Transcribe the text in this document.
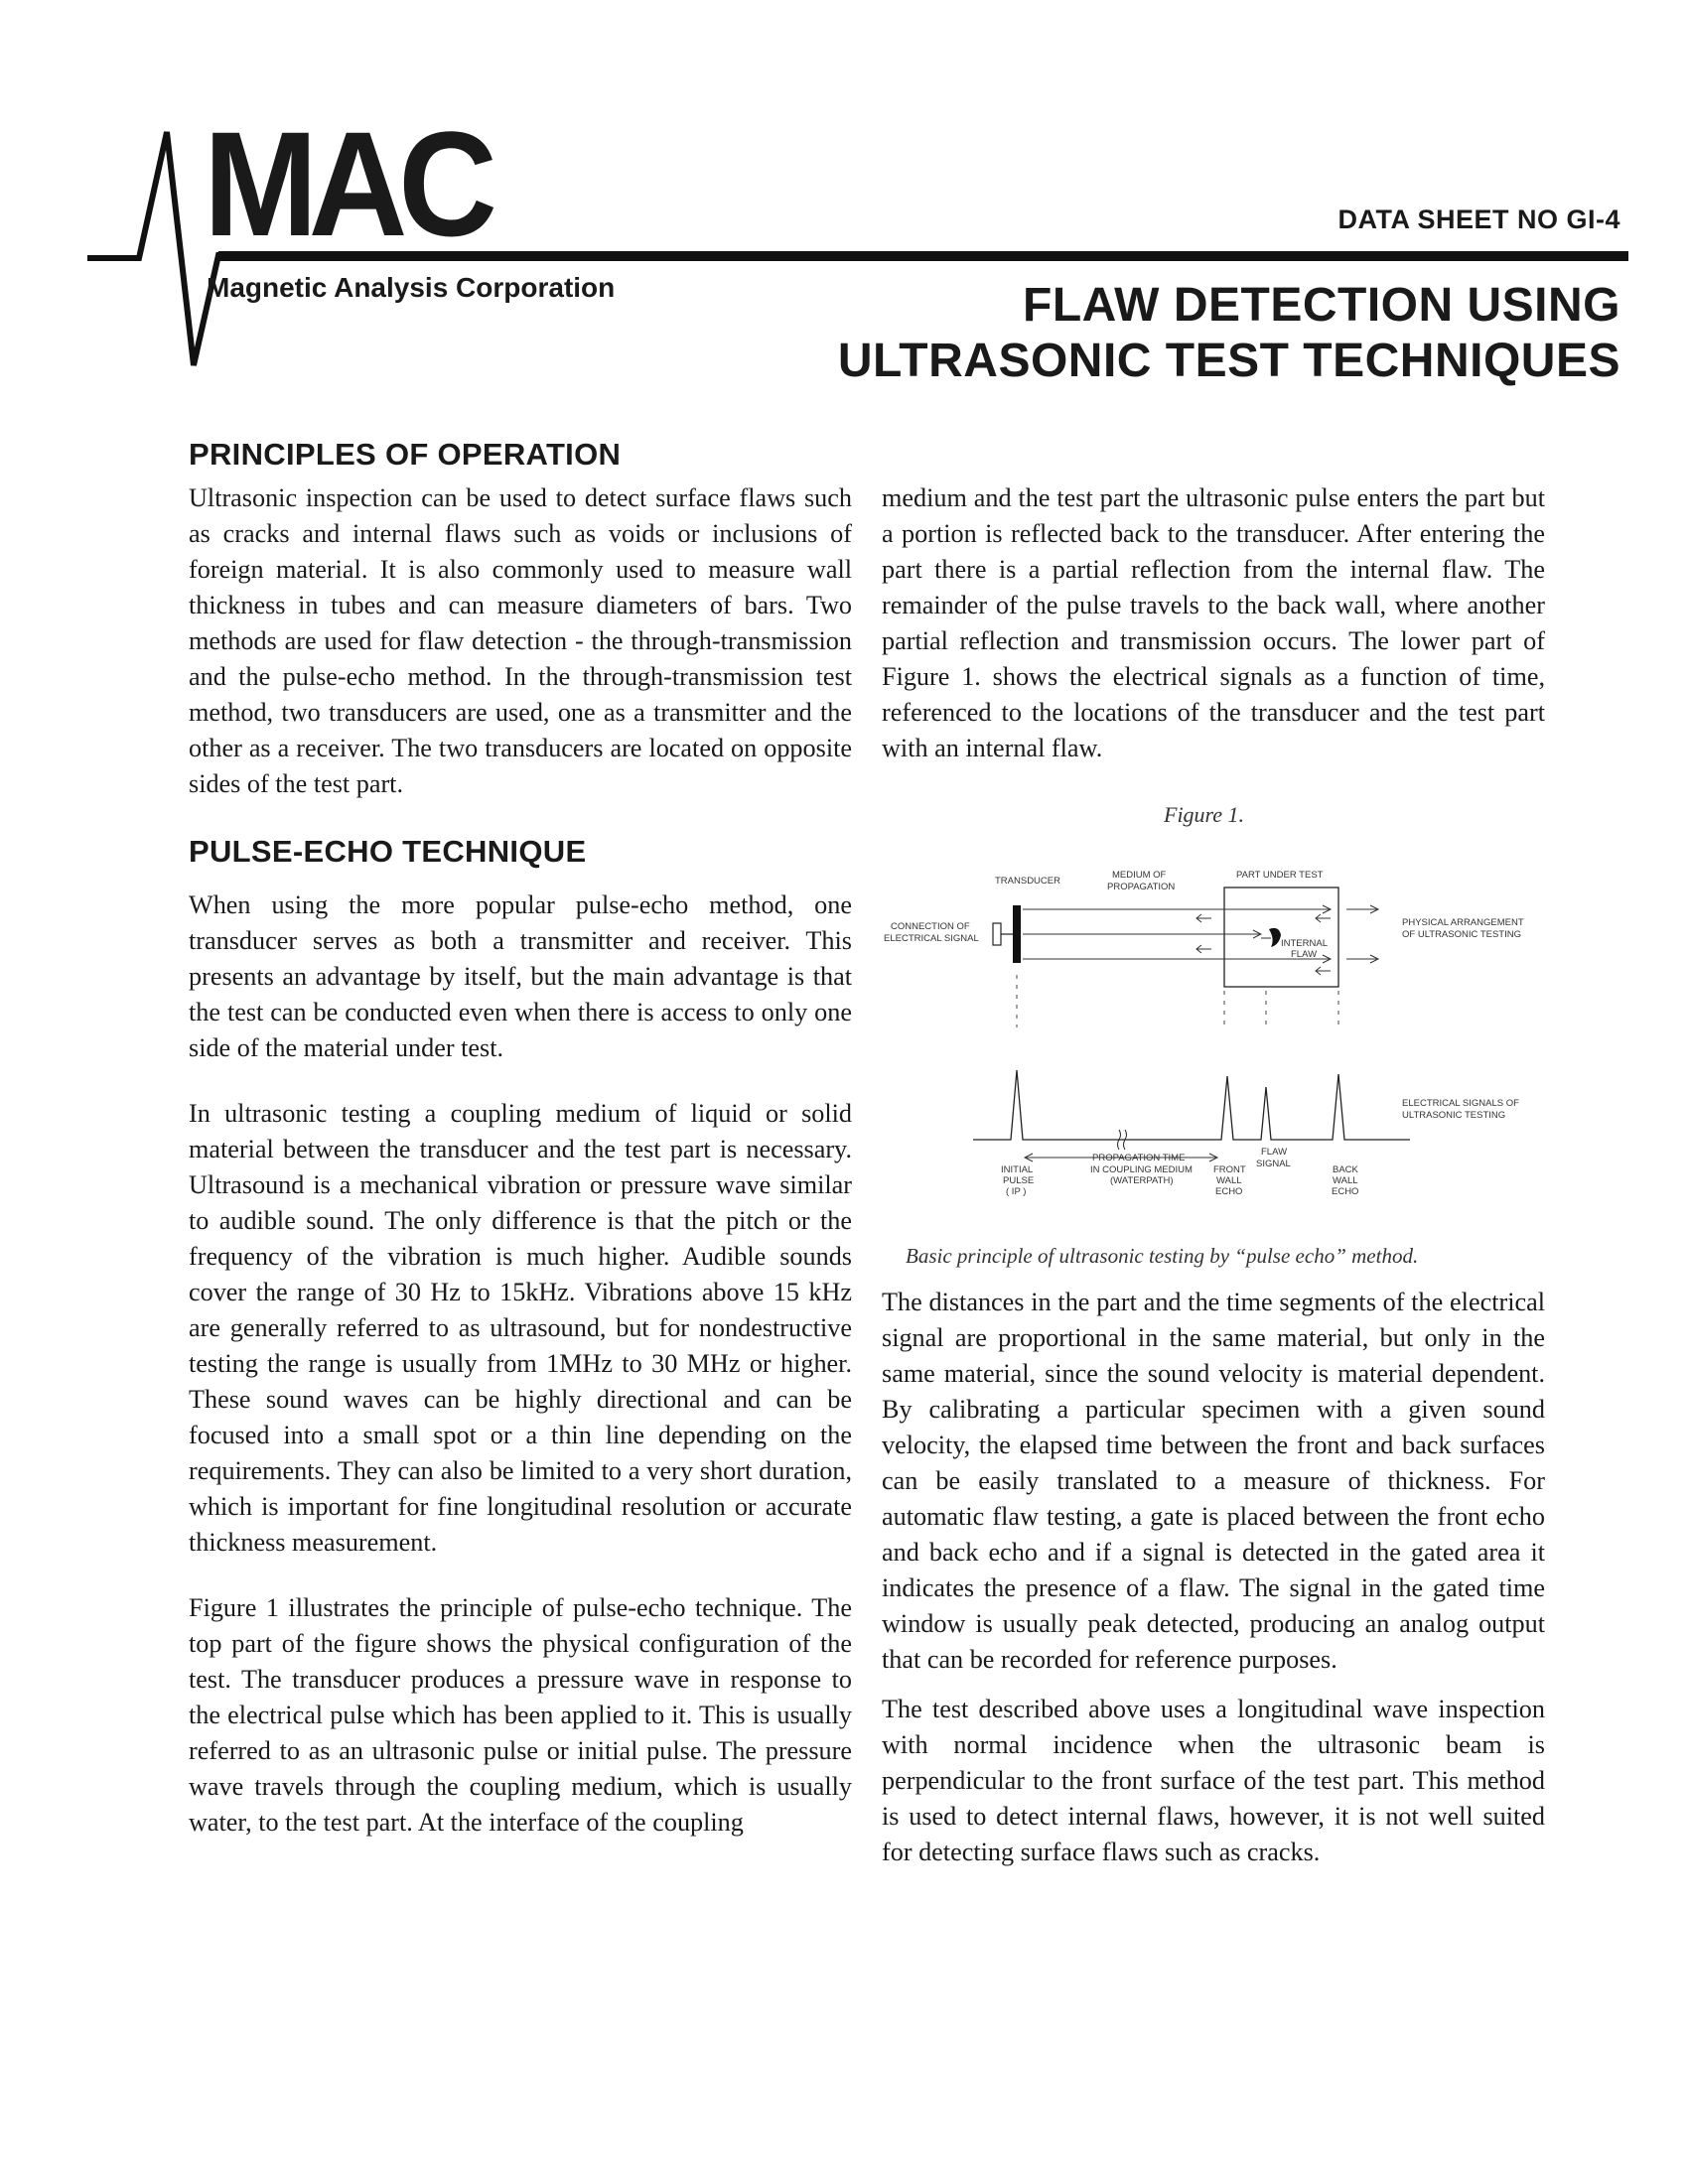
MAC
Magnetic Analysis Corporation
DATA SHEET NO GI-4
FLAW DETECTION USING
ULTRASONIC TEST TECHNIQUES
PRINCIPLES OF OPERATION

Ultrasonic inspection can be used to detect surface flaws such as cracks and internal flaws such as voids or inclusions of foreign material. It is also commonly used to measure wall thickness in tubes and can measure diameters of bars. Two methods are used for flaw detection - the through-transmission and the pulse-echo method. In the through-transmission test method, two transducers are used, one as a transmitter and the other as a receiver. The two transducers are located on opposite sides of the test part.

PULSE-ECHO TECHNIQUE

When using the more popular pulse-echo method, one transducer serves as both a transmitter and receiver. This presents an advantage by itself, but the main advantage is that the test can be conducted even when there is access to only one side of the material under test.

In ultrasonic testing a coupling medium of liquid or solid material between the transducer and the test part is necessary. Ultrasound is a mechanical vibration or pressure wave similar to audible sound. The only difference is that the pitch or the frequency of the vibration is much higher. Audible sounds cover the range of 30 Hz to 15kHz. Vibrations above 15 kHz are generally referred to as ultrasound, but for nondestructive testing the range is usually from 1MHz to 30 MHz or higher. These sound waves can be highly directional and can be focused into a small spot or a thin line depending on the requirements. They can also be limited to a very short duration, which is important for fine longitudinal resolution or accurate thickness measurement.

Figure 1 illustrates the principle of pulse-echo technique. The top part of the figure shows the physical configuration of the test. The transducer produces a pressure wave in response to the electrical pulse which has been applied to it. This is usually referred to as an ultrasonic pulse or initial pulse. The pressure wave travels through the coupling medium, which is usually water, to the test part. At the interface of the coupling

medium and the test part the ultrasonic pulse enters the part but a portion is reflected back to the transducer. After entering the part there is a partial reflection from the internal flaw. The remainder of the pulse travels to the back wall, where another partial reflection and transmission occurs. The lower part of Figure 1. shows the electrical signals as a function of time, referenced to the locations of the transducer and the test part with an internal flaw.

Figure 1.
TRANSDUCER
MEDIUM OF
PROPAGATION
PART UNDER TEST
CONNECTION OF
ELECTRICAL SIGNAL
PHYSICAL ARRANGEMENT
OF ULTRASONIC TESTING
INTERNAL
FLAW
ELECTRICAL SIGNALS OF
ULTRASONIC TESTING
PROPAGATION TIME
IN COUPLING MEDIUM
(WATERPATH)
INITIAL
PULSE
( IP )
FRONT
WALL
ECHO
FLAW
SIGNAL
BACK
WALL
ECHO
Basic principle of ultrasonic testing by “pulse echo” method.

The distances in the part and the time segments of the electrical signal are proportional in the same material, but only in the same material, since the sound velocity is material dependent. By calibrating a particular specimen with a given sound velocity, the elapsed time between the front and back surfaces can be easily translated to a measure of thickness. For automatic flaw testing, a gate is placed between the front echo and back echo and if a signal is detected in the gated area it indicates the presence of a flaw. The signal in the gated time window is usually peak detected, producing an analog output that can be recorded for reference purposes.

The test described above uses a longitudinal wave inspection with normal incidence when the ultrasonic beam is perpendicular to the front surface of the test part. This method is used to detect internal flaws, however, it is not well suited for detecting surface flaws such as cracks.
